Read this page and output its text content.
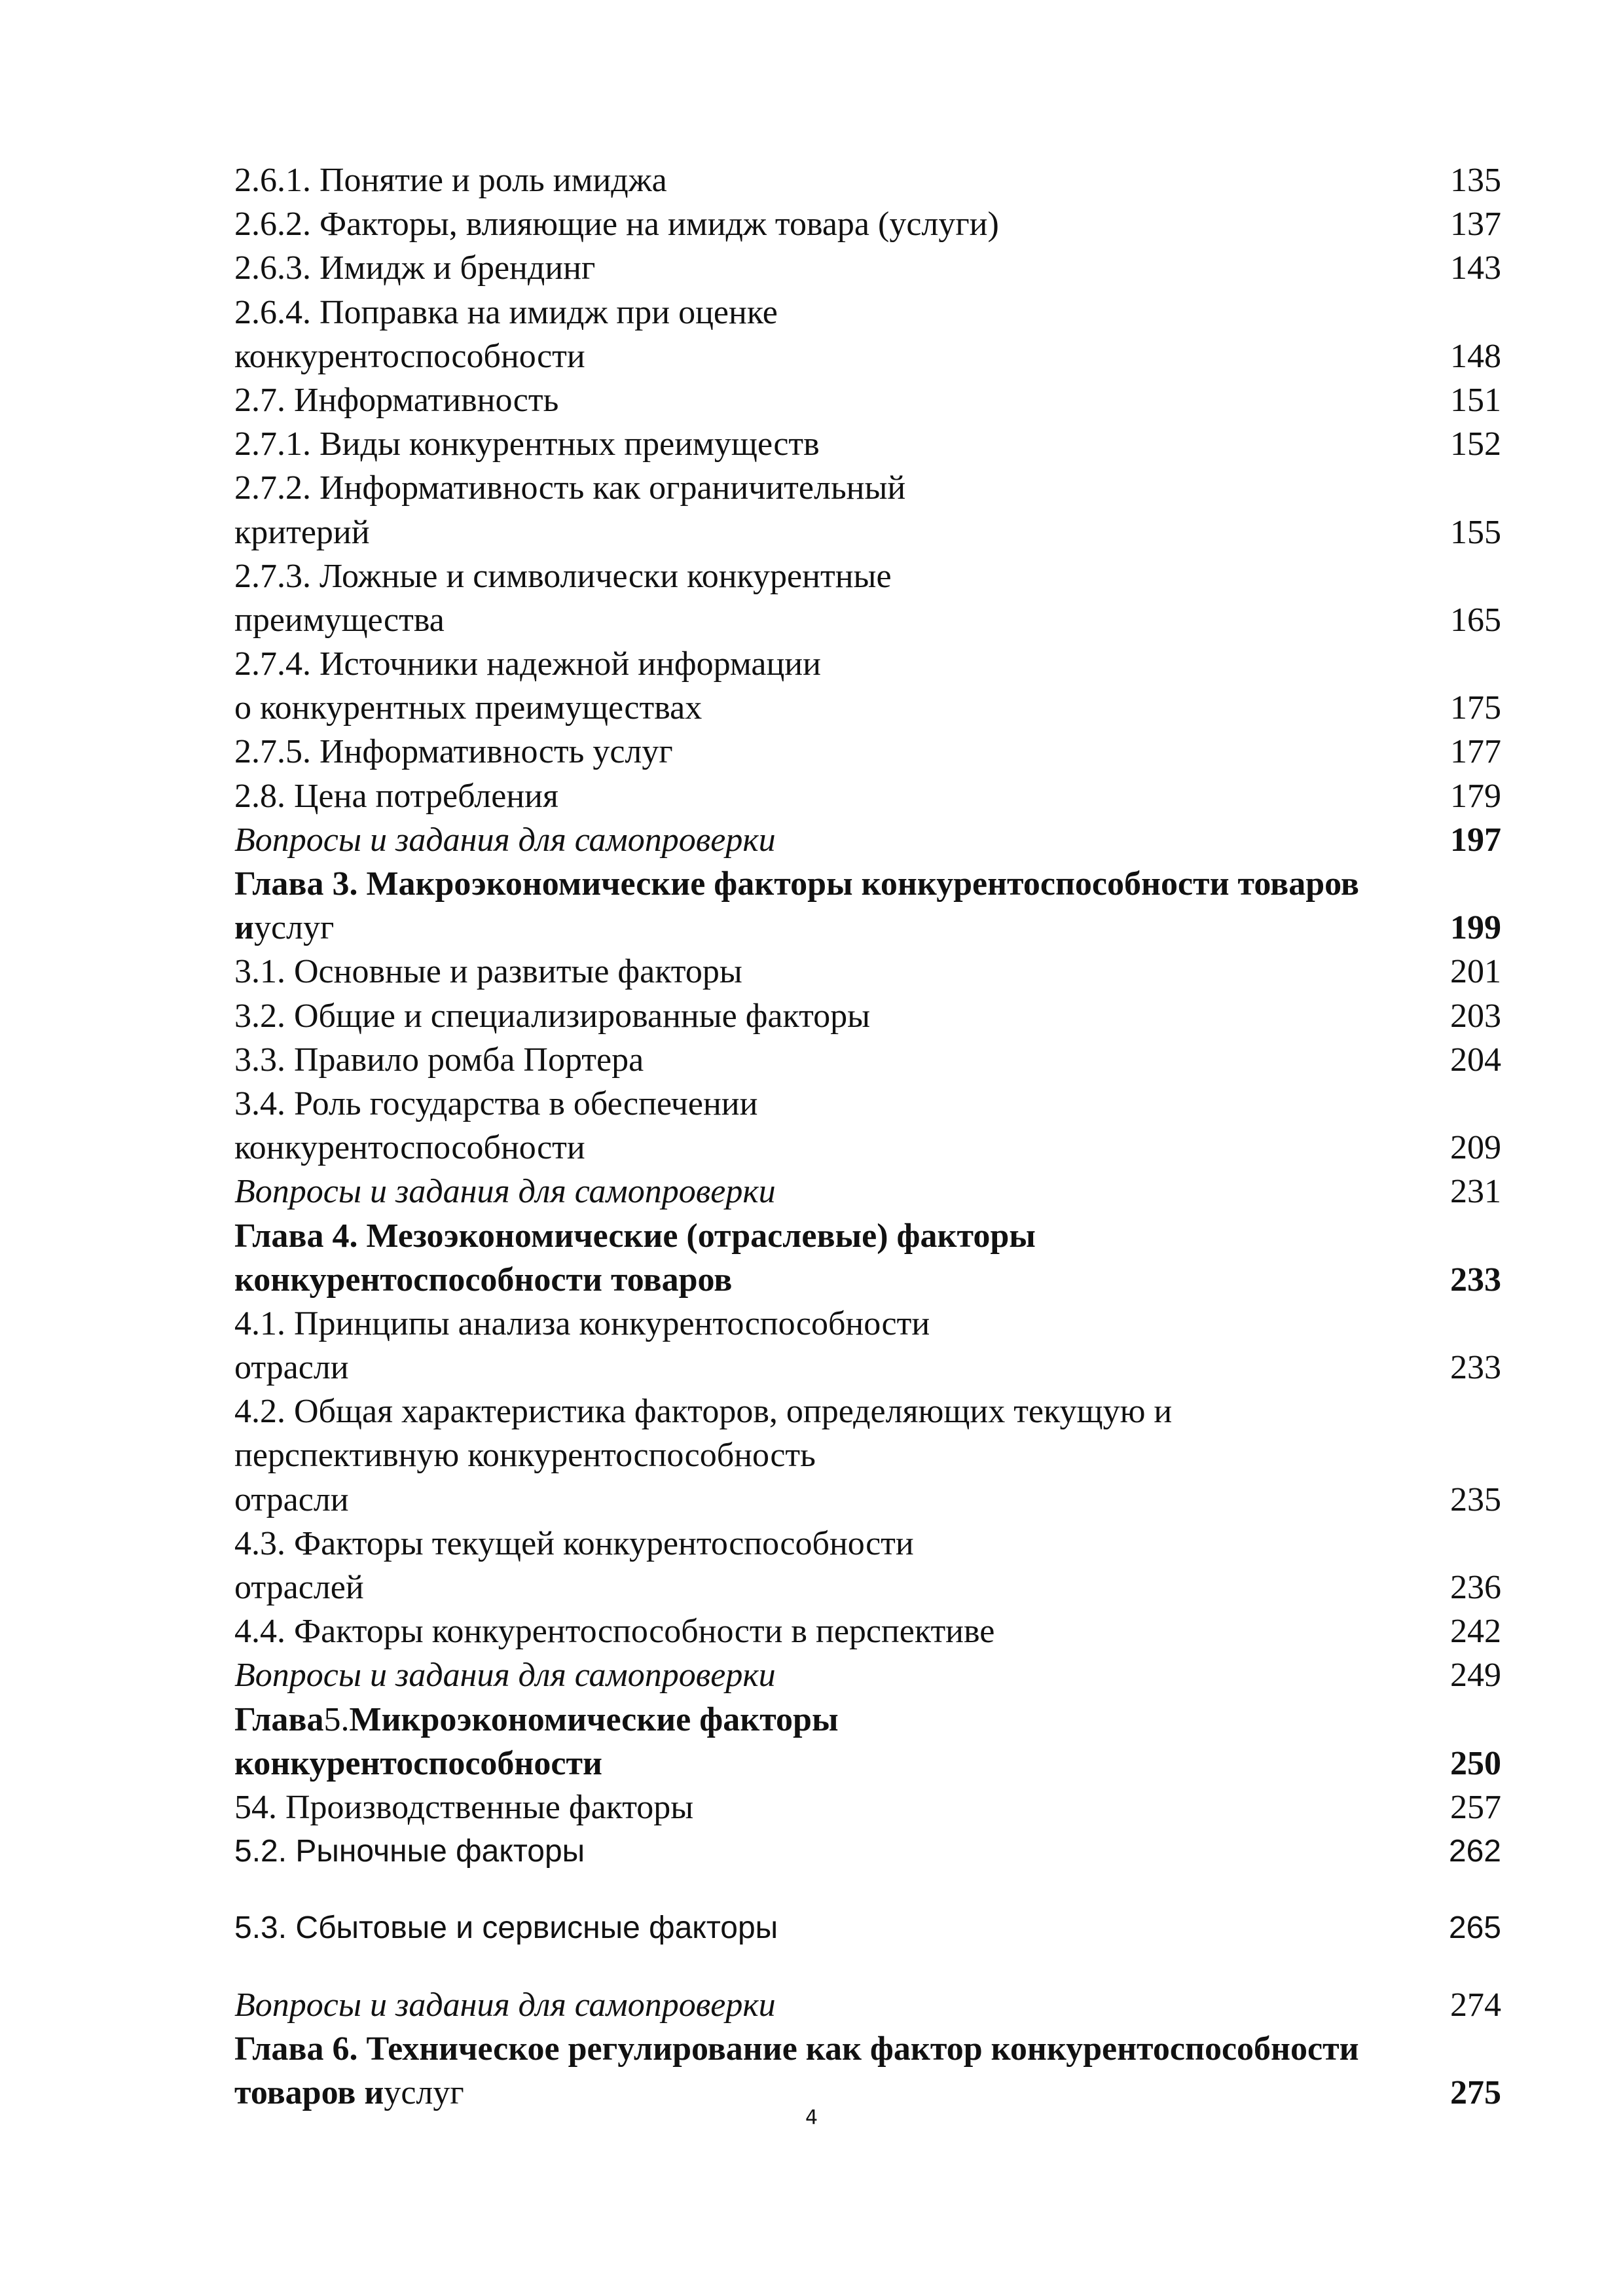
2.6.1. Понятие и роль имиджа	135
2.6.2. Факторы, влияющие на имидж товара (услуги)	137
2.6.3. Имидж и брендинг	143
2.6.4. Поправка на имидж при оценке
конкурентоспособности	148
2.7. Информативность	151
2.7.1. Виды конкурентных преимуществ	152
2.7.2. Информативность как ограничительный
критерий	155
2.7.3. Ложные и символически конкурентные
преимущества	165
2.7.4. Источники надежной информации
о конкурентных преимуществах	175
2.7.5. Информативность услуг	177
2.8. Цена потребления	179
Вопросы и задания для самопроверки	197
Глава 3. Макроэкономические факторы конкурентоспособности товаров
и услуг	199
3.1. Основные и развитые факторы	201
3.2. Общие и специализированные факторы	203
3.3. Правило ромба Портера	204
3.4. Роль государства в обеспечении
конкурентоспособности	209
Вопросы и задания для самопроверки	231
Глава 4. Мезоэкономические (отраслевые) факторы
конкурентоспособности товаров	233
4.1. Принципы анализа конкурентоспособности
отрасли	233
4.2. Общая характеристика факторов, определяющих текущую и
перспективную конкурентоспособность
отрасли	235
4.3. Факторы текущей конкурентоспособности
отраслей	236
4.4. Факторы конкурентоспособности в перспективе	242
Вопросы и задания для самопроверки	249
Глава 5. Микроэкономические факторы
конкурентоспособности	250
54. Производственные факторы	257
5.2. Рыночные факторы	262
5.3. Сбытовые и сервисные факторы	265
Вопросы и задания для самопроверки	274
Глава 6. Техническое регулирование как фактор конкурентоспособности
товаров и услуг	275
4
